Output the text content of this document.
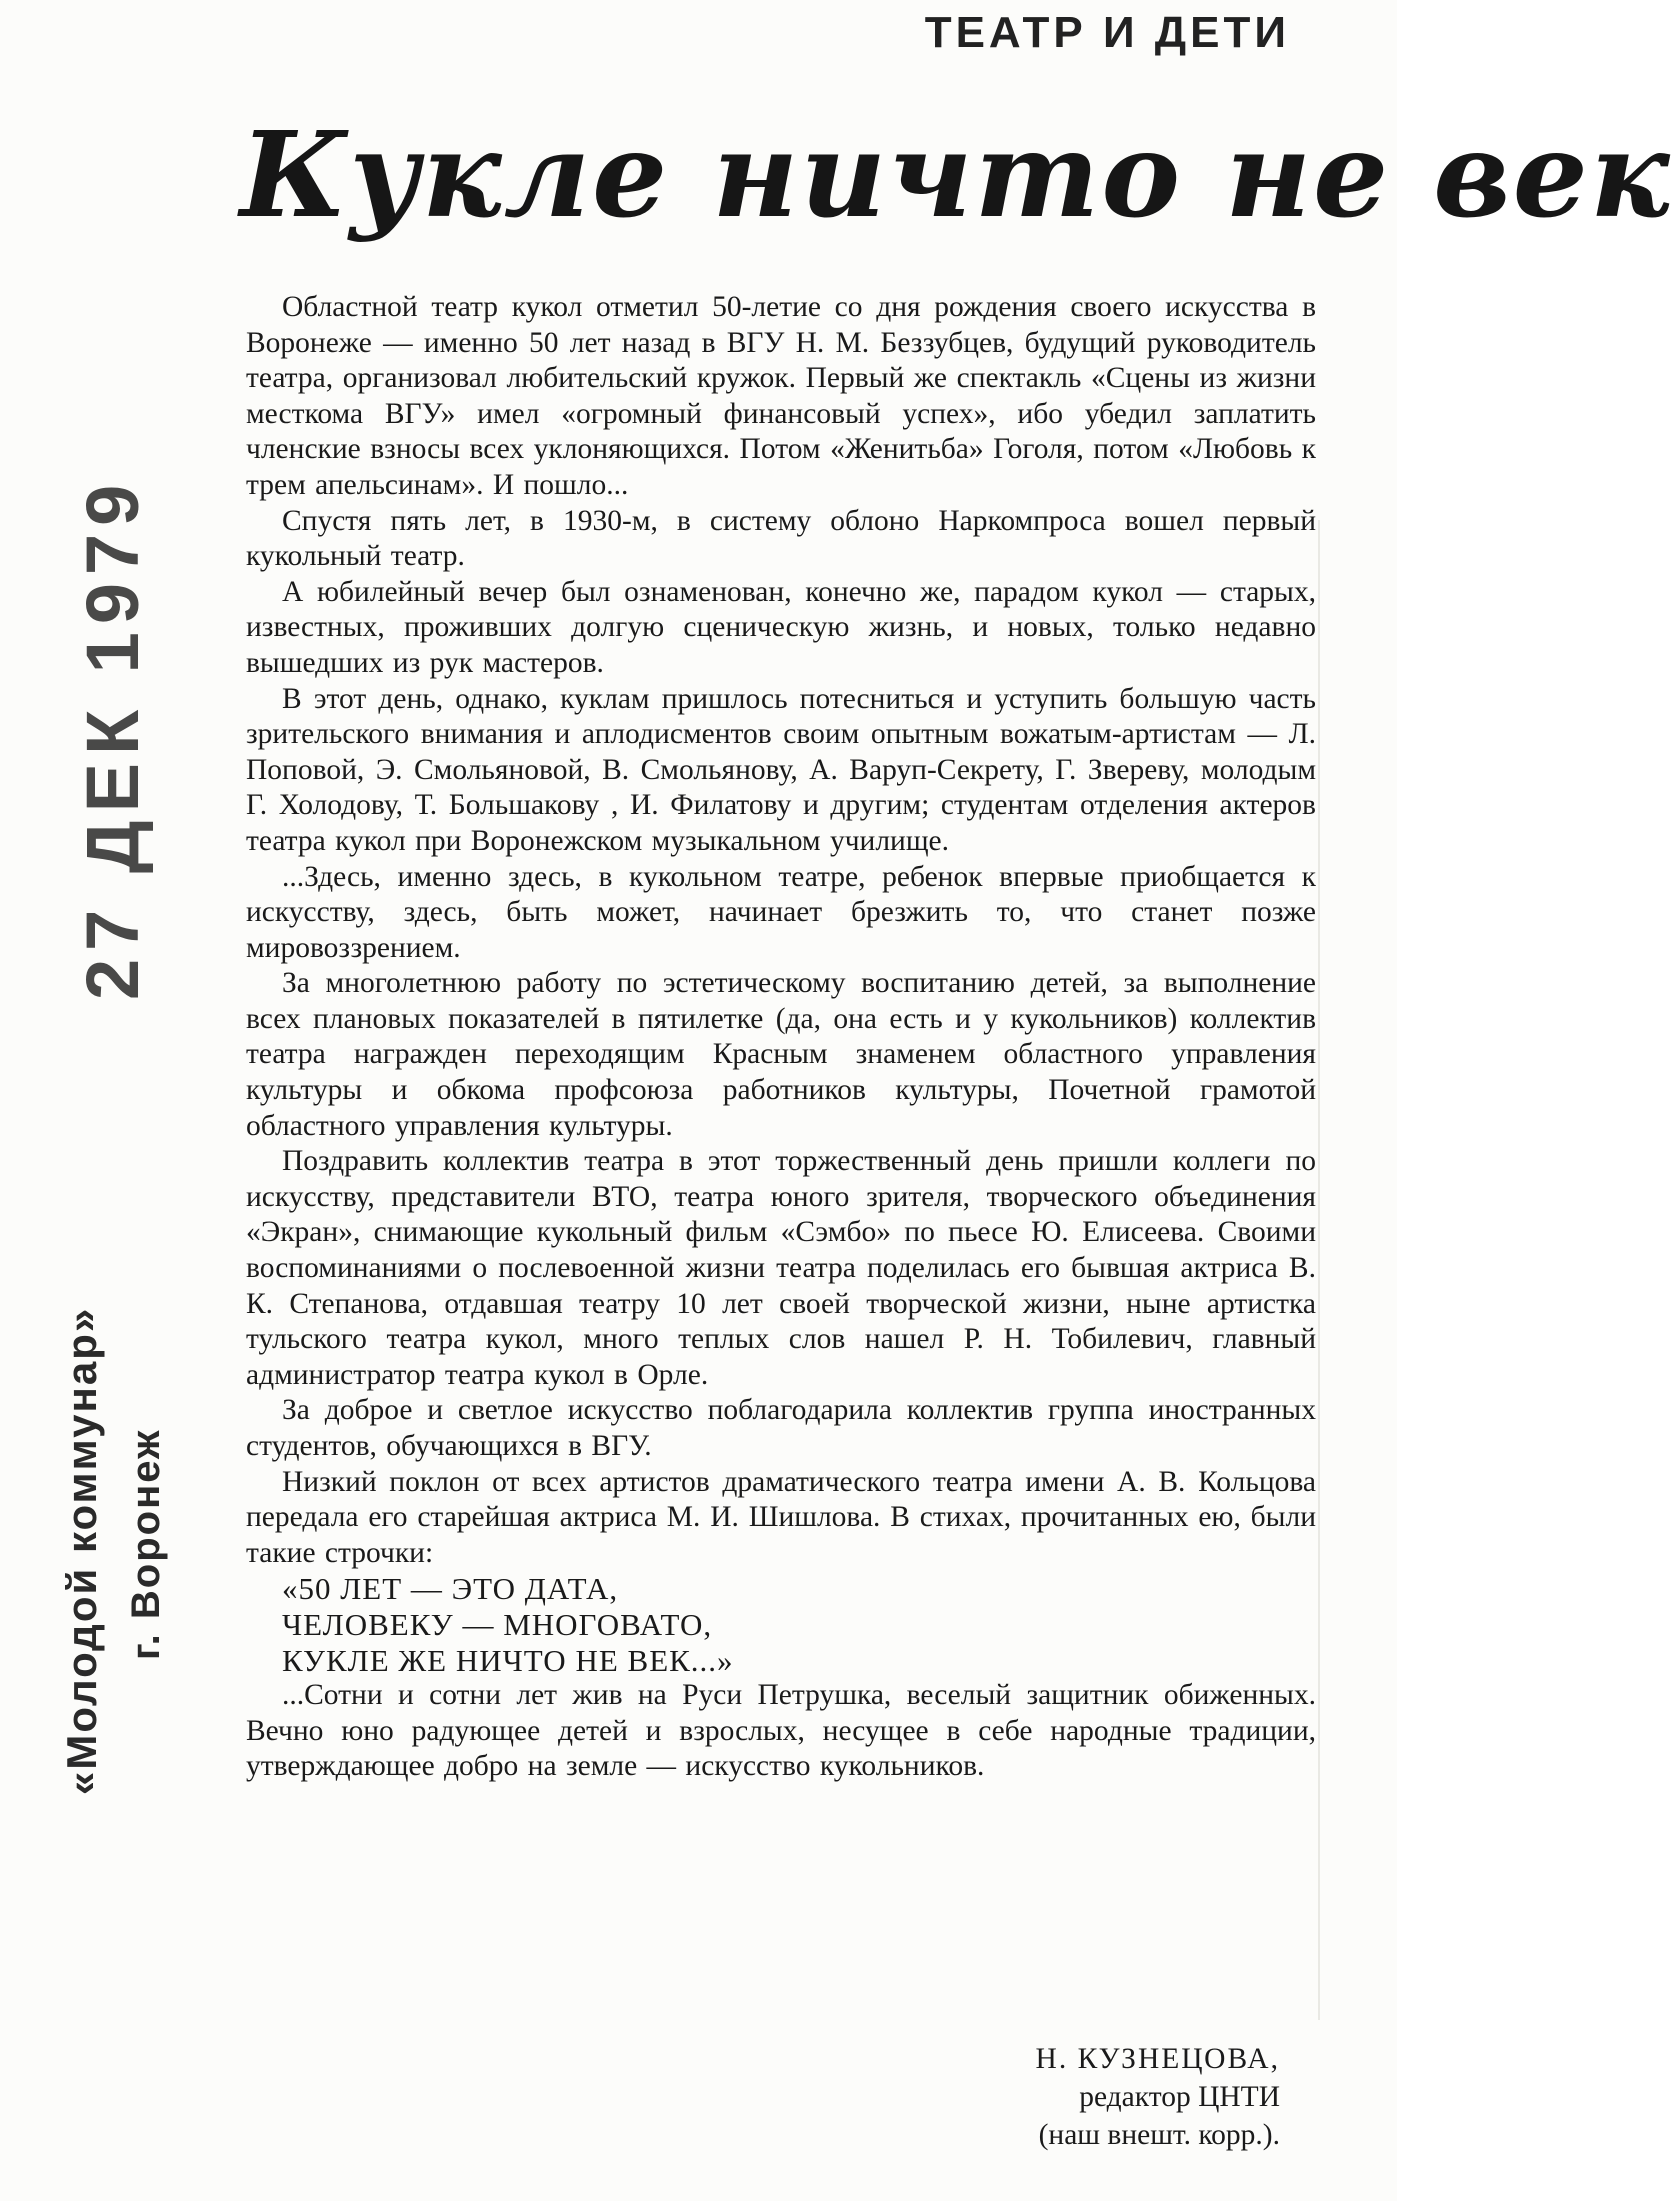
ТЕАТР И ДЕТИ
Кукле ничто не век
27 ДЕК 1979
«Молодой коммунар» г. Воронеж

Областной театр кукол отметил 50-летие со дня рождения своего искусства в Воронеже — именно 50 лет назад в ВГУ Н. М. Беззубцев, будущий руководитель театра, организовал любительский кружок. Первый же спектакль «Сцены из жизни месткома ВГУ» имел «огромный финансовый успех», ибо убедил заплатить членские взносы всех уклоняющихся. Потом «Женитьба» Гоголя, потом «Любовь к трем апельсинам». И пошло...

Спустя пять лет, в 1930-м, в систему облоно Наркомпроса вошел первый кукольный театр.

А юбилейный вечер был ознаменован, конечно же, парадом кукол — старых, известных, проживших долгую сценическую жизнь, и новых, только недавно вышедших из рук мастеров.

В этот день, однако, куклам пришлось потесниться и уступить большую часть зрительского внимания и аплодисментов своим опытным вожатым-артистам — Л. Поповой, Э. Смольяновой, В. Смольянову, А. Варуп-Секрету, Г. Звереву, молодым Г. Холодову, Т. Большакову , И. Филатову и другим; студентам отделения актеров театра кукол при Воронежском музыкальном училище.

...Здесь, именно здесь, в кукольном театре, ребенок впервые приобщается к искусству, здесь, быть может, начинает брезжить то, что станет позже мировоззрением.

За многолетнюю работу по эстетическому воспитанию детей, за выполнение всех плановых показателей в пятилетке (да, она есть и у кукольников) коллектив театра награжден переходящим Красным знаменем областного управления культуры и обкома профсоюза работников культуры, Почетной грамотой областного управления культуры.

Поздравить коллектив театра в этот торжественный день пришли коллеги по искусству, представители ВТО, театра юного зрителя, творческого объединения «Экран», снимающие кукольный фильм «Сэмбо» по пьесе Ю. Елисеева. Своими воспоминаниями о послевоенной жизни театра поделилась его бывшая актриса В. К. Степанова, отдавшая театру 10 лет своей творческой жизни, ныне артистка тульского театра кукол, много теплых слов нашел Р. Н. Тобилевич, главный администратор театра кукол в Орле.

За доброе и светлое искусство поблагодарила коллектив группа иностранных студентов, обучающихся в ВГУ.

Низкий поклон от всех артистов драматического театра имени А. В. Кольцова передала его старейшая актриса М. И. Шишлова. В стихах, прочитанных ею, были такие строчки:

«50 ЛЕТ — ЭТО ДАТА,
ЧЕЛОВЕКУ — МНОГОВАТО,
КУКЛЕ ЖЕ НИЧТО НЕ ВЕК...»

...Сотни и сотни лет жив на Руси Петрушка, веселый защитник обиженных. Вечно юно радующее детей и взрослых, несущее в себе народные традиции, утверждающее добро на земле — искусство кукольников.

Н. КУЗНЕЦОВА,
редактор ЦНТИ
(наш внешт. корр.).
